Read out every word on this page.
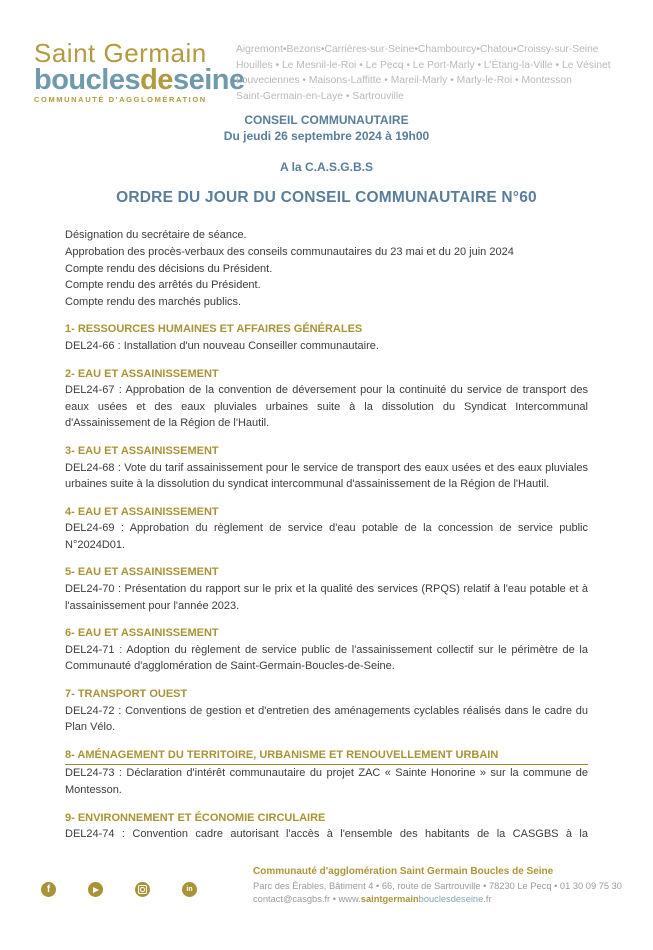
Saint Germain
bouclesdeseine
COMMUNAUTÉ D'AGGLOMÉRATION
Aigremont•Bezons•Carrières-sur-Seine•Chambourcy•Chatou•Croissy-sur-Seine
Houilles • Le Mesnil-le-Roi • Le Pecq • Le Port-Marly • L'Étang-la-Ville • Le Vésinet
Louveciennes • Maisons-Laffitte • Mareil-Marly • Marly-le-Roi • Montesson
Saint-Germain-en-Laye • Sartrouville
CONSEIL COMMUNAUTAIRE
Du jeudi 26 septembre 2024 à 19h00
A la C.A.S.G.B.S
ORDRE DU JOUR DU CONSEIL COMMUNAUTAIRE N°60
Désignation du secrétaire de séance.
Approbation des procès-verbaux des conseils communautaires du 23 mai et du 20 juin 2024
Compte rendu des décisions du Président.
Compte rendu des arrêtés du Président.
Compte rendu des marchés publics.
1- RESSOURCES HUMAINES ET AFFAIRES GÉNÉRALES
DEL24-66 : Installation d'un nouveau Conseiller communautaire.
2- EAU ET ASSAINISSEMENT
DEL24-67 : Approbation de la convention de déversement pour la continuité du service de transport des eaux usées et des eaux pluviales urbaines suite à la dissolution du Syndicat Intercommunal d'Assainissement de la Région de l'Hautil.
3- EAU ET ASSAINISSEMENT
DEL24-68 : Vote du tarif assainissement pour le service de transport des eaux usées et des eaux pluviales urbaines suite à la dissolution du syndicat intercommunal d'assainissement de la Région de l'Hautil.
4- EAU ET ASSAINISSEMENT
DEL24-69 : Approbation du règlement de service d'eau potable de la concession de service public N°2024D01.
5- EAU ET ASSAINISSEMENT
DEL24-70 : Présentation du rapport sur le prix et la qualité des services (RPQS) relatif à l'eau potable et à l'assainissement pour l'année 2023.
6- EAU ET ASSAINISSEMENT
DEL24-71 : Adoption du règlement de service public de l'assainissement collectif sur le périmètre de la Communauté d'agglomération de Saint-Germain-Boucles-de-Seine.
7- TRANSPORT OUEST
DEL24-72 : Conventions de gestion et d'entretien des aménagements cyclables réalisés dans le cadre du Plan Vélo.
8- AMÉNAGEMENT DU TERRITOIRE, URBANISME ET RENOUVELLEMENT URBAIN
DEL24-73 : Déclaration d'intérêt communautaire du projet ZAC « Sainte Honorine » sur la commune de Montesson.
9- ENVIRONNEMENT ET ÉCONOMIE CIRCULAIRE
DEL24-74 : Convention cadre autorisant l'accès à l'ensemble des habitants de la CASGBS à la
f	in
Communauté d'agglomération Saint Germain Boucles de Seine
Parc des Érables, Bâtiment 4 • 66, route de Sartrouville • 78230 Le Pecq • 01 30 09 75 30
contact@casgbs.fr • www.saintgermainbouclesdeseine.fr
